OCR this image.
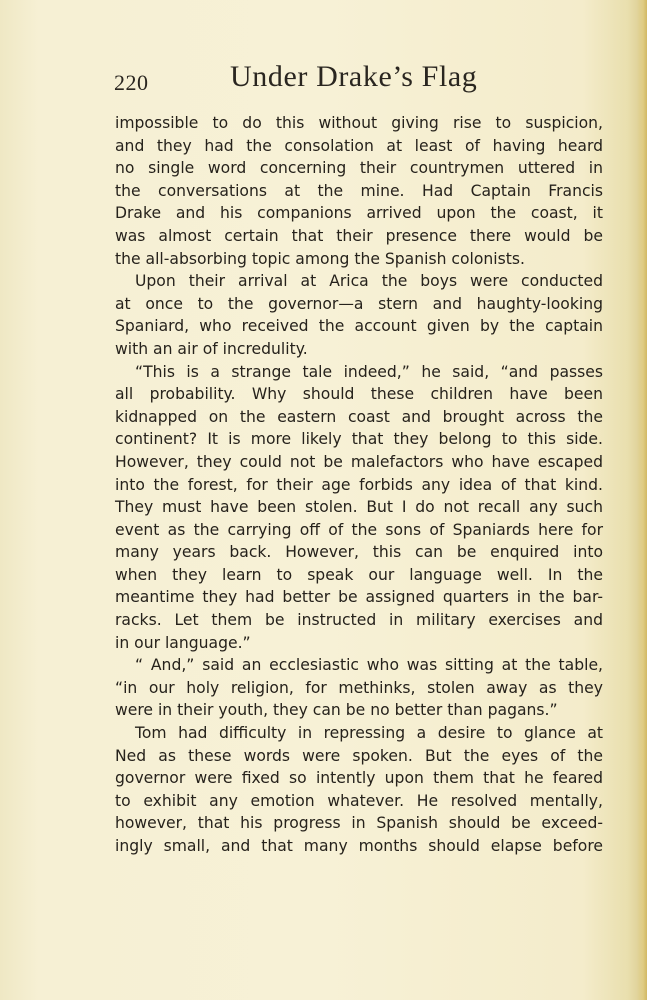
220	Under Drake’s Flag
impossible to do this without giving rise to suspicion,
and they had the consolation at least of having heard
no single word concerning their countrymen uttered in
the conversations at the mine. Had Captain Francis
Drake and his companions arrived upon the coast, it
was almost certain that their presence there would be
the all-absorbing topic among the Spanish colonists.
Upon their arrival at Arica the boys were conducted
at once to the governor—a stern and haughty-looking
Spaniard, who received the account given by the captain
with an air of incredulity.
“This is a strange tale indeed,” he said, “and passes
all probability. Why should these children have been
kidnapped on the eastern coast and brought across the
continent? It is more likely that they belong to this side.
However, they could not be malefactors who have escaped
into the forest, for their age forbids any idea of that kind.
They must have been stolen. But I do not recall any such
event as the carrying off of the sons of Spaniards here for
many years back. However, this can be enquired into
when they learn to speak our language well. In the
meantime they had better be assigned quarters in the bar-
racks. Let them be instructed in military exercises and
in our language.”
“ And,” said an ecclesiastic who was sitting at the table,
“in our holy religion, for methinks, stolen away as they
were in their youth, they can be no better than pagans.”
Tom had difficulty in repressing a desire to glance at
Ned as these words were spoken. But the eyes of the
governor were fixed so intently upon them that he feared
to exhibit any emotion whatever. He resolved mentally,
however, that his progress in Spanish should be exceed-
ingly small, and that many months should elapse before
